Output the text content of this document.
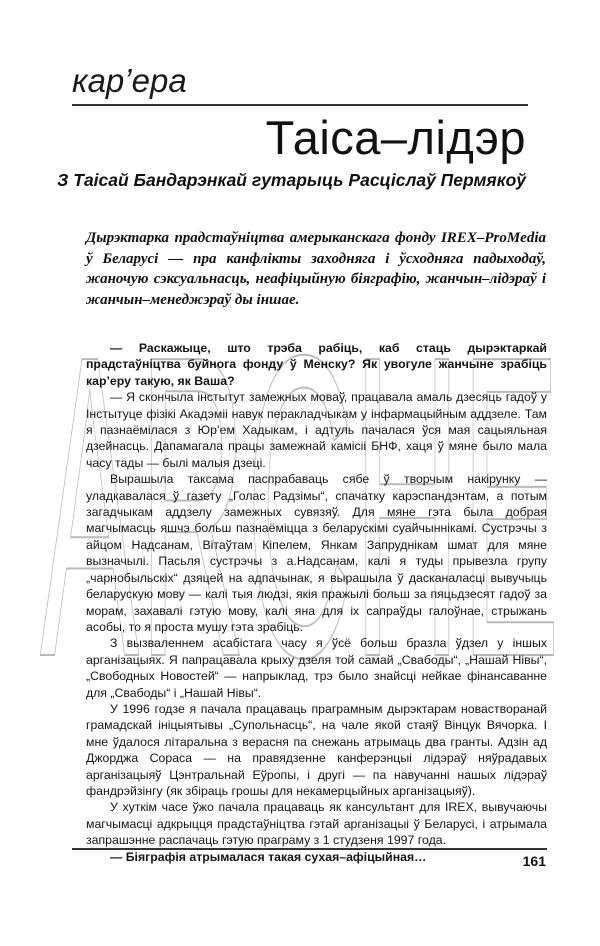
ARCHE
кар’ера
Таіса–лідэр

З Таісай Бандарэнкай гутарыць Расціслаў Пермякоў

Дырэктарка прадстаўніцтва амерыканскага фонду IREX–ProMedia ў Беларусі — пра канфлікты заходняга і ўсходняга падыходаў, жаночую сэксуальнасць, неафіцыйную біяграфію, жанчын–лідэраў і жанчын–менеджэраў ды іншае.

— Раскажыце, што трэба рабіць, каб стаць дырэктаркай прадстаўніцтва буйнога фонду ў Менску? Як увогуле жанчыне зрабіць кар’еру такую, як Ваша?

— Я скончыла інстытут замежных моваў, працавала амаль дзесяць гадоў у Інстытуце фізікі Акадэміі навук перакладчыкам у інфармацыйным аддзеле. Там я пазнаёмілася з Юр’ем Хадыкам, і адтуль пачалася ўся мая сацыяльная дзейнасць. Дапамагала працы замежнай камісіі БНФ, хаця ў мяне было мала часу тады — былі малыя дзеці.

Вырашыла таксама паспрабаваць сябе ў творчым накірунку — уладкавалася ў газету „Голас Радзімы“, спачатку карэспандэнтам, а потым загадчыкам аддзелу замежных сувязяў. Для мяне гэта была добрая магчымасць яшчэ больш пазнаёміцца з беларускімі суайчыннікамі. Сустрэчы з айцом Надсанам, Вітаўтам Кіпелем, Янкам Запруднікам шмат для мяне вызначылі. Пасьля сустрэчы з а.Надсанам, калі я туды прывезла групу „чарнобыльскіх“ дзяцей на адпачынак, я вырашыла ў дасканаласці вывучыць беларускую мову — калі тыя людзі, якія пражылі больш за пяцьдзесят гадоў за морам, захавалі гэтую мову, калі яна для іх сапраўды галоўнае, стрыжань асобы, то я проста мушу гэта зрабіць.

З вызваленнем асабістага часу я ўсё больш бразла ўдзел у іншых арганізацыях. Я папрацавала крыху дзеля той самай „Свабоды“, „Нашай Нівы“, „Свободных Новостей“ — напрыклад, трэ было знайсці нейкае фінансаванне для „Свабоды“ і „Нашай Нівы“.

У 1996 годзе я пачала працаваць праграмным дырэктарам новастворанай грамадскай ініцыятывы „Супольнасць“, на чале якой стаяў Вінцук Вячорка. І мне ўдалося літаральна з верасня па снежань атрымаць два гранты. Адзін ад Джорджа Сораса — на правядзенне канферэнцыі лідэраў няўрадавых арганізацыяў Цэнтральнай Еўропы, і другі — па навучанні нашых лідэраў фандрэйзінгу (як збіраць грошы для некамерцыйных арганізацыяў).

У хуткім часе ўжо пачала працаваць як кансультант для IREX, вывучаючы магчымасці адкрыцця прадстаўніцтва гэтай арганізацыі ў Беларусі, і атрымала запрашэнне распачаць гэтую праграму з 1 студзеня 1997 года.

— Біяграфія атрымалася такая сухая–афіцыйная…	161
